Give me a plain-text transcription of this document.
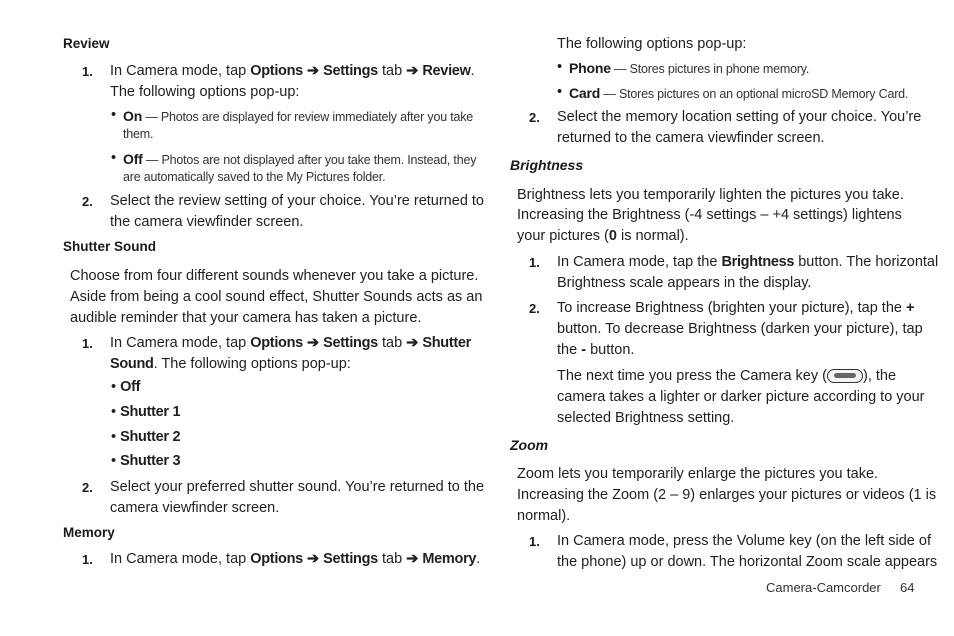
Review
1. In Camera mode, tap Options ➔ Settings tab ➔ Review.
The following options pop-up:
• On — Photos are displayed for review immediately after you take
them.
• Off — Photos are not displayed after you take them. Instead, they
are automatically saved to the My Pictures folder.
2. Select the review setting of your choice. You’re returned to
the camera viewfinder screen.
Shutter Sound
Choose from four different sounds whenever you take a picture.
Aside from being a cool sound effect, Shutter Sounds acts as an
audible reminder that your camera has taken a picture.
1. In Camera mode, tap Options ➔ Settings tab ➔ Shutter
Sound. The following options pop-up:
• Off
• Shutter 1
• Shutter 2
• Shutter 3
2. Select your preferred shutter sound. You’re returned to the
camera viewfinder screen.
Memory
1. In Camera mode, tap Options ➔ Settings tab ➔ Memory.
The following options pop-up:
• Phone — Stores pictures in phone memory.
• Card — Stores pictures on an optional microSD Memory Card.
2. Select the memory location setting of your choice. You’re
returned to the camera viewfinder screen.
Brightness
Brightness lets you temporarily lighten the pictures you take.
Increasing the Brightness (-4 settings – +4 settings) lightens
your pictures (0 is normal).
1. In Camera mode, tap the Brightness button. The horizontal
Brightness scale appears in the display.
2. To increase Brightness (brighten your picture), tap the +
button. To decrease Brightness (darken your picture), tap
the - button.
The next time you press the Camera key ( ), the
camera takes a lighter or darker picture according to your
selected Brightness setting.
Zoom
Zoom lets you temporarily enlarge the pictures you take.
Increasing the Zoom (2 – 9) enlarges your pictures or videos (1 is
normal).
1. In Camera mode, press the Volume key (on the left side of
the phone) up or down. The horizontal Zoom scale appears
Camera-Camcorder 64
